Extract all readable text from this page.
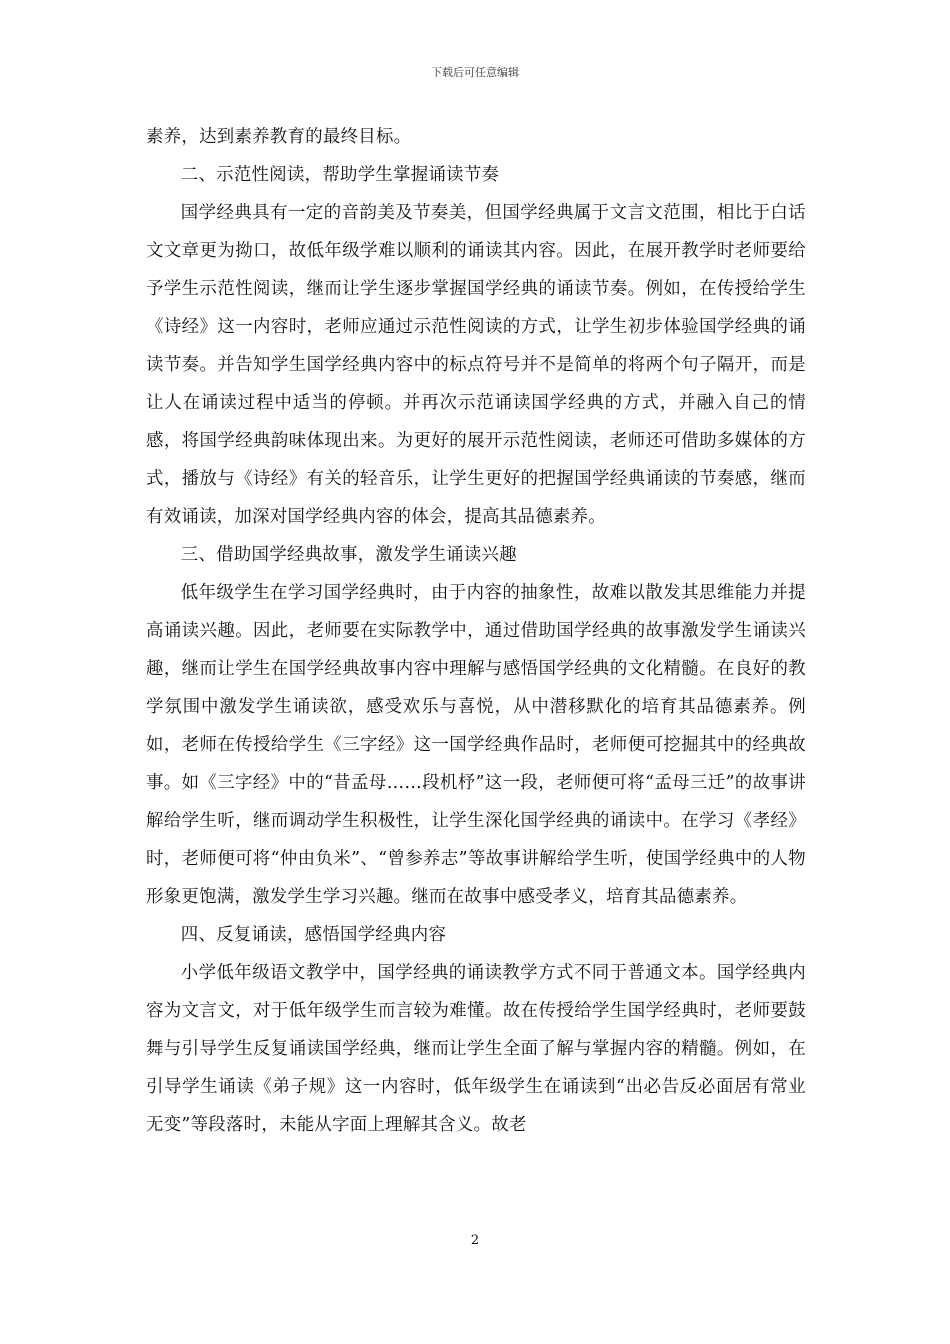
下载后可任意编辑

素养，达到素养教育的最终目标。

二、示范性阅读，帮助学生掌握诵读节奏

国学经典具有一定的音韵美及节奏美，但国学经典属于文言文范围，相比于白话文文章更为拗口，故低年级学难以顺利的诵读其内容。因此，在展开教学时老师要给予学生示范性阅读，继而让学生逐步掌握国学经典的诵读节奏。例如，在传授给学生《诗经》这一内容时，老师应通过示范性阅读的方式，让学生初步体验国学经典的诵读节奏。并告知学生国学经典内容中的标点符号并不是简单的将两个句子隔开，而是让人在诵读过程中适当的停顿。并再次示范诵读国学经典的方式，并融入自己的情感，将国学经典韵味体现出来。为更好的展开示范性阅读，老师还可借助多媒体的方式，播放与《诗经》有关的轻音乐，让学生更好的把握国学经典诵读的节奏感，继而有效诵读，加深对国学经典内容的体会，提高其品德素养。

三、借助国学经典故事，激发学生诵读兴趣

低年级学生在学习国学经典时，由于内容的抽象性，故难以散发其思维能力并提高诵读兴趣。因此，老师要在实际教学中，通过借助国学经典的故事激发学生诵读兴趣，继而让学生在国学经典故事内容中理解与感悟国学经典的文化精髓。在良好的教学氛围中激发学生诵读欲，感受欢乐与喜悦，从中潜移默化的培育其品德素养。例如，老师在传授给学生《三字经》这一国学经典作品时，老师便可挖掘其中的经典故事。如《三字经》中的“昔孟母……段机杼”这一段，老师便可将“孟母三迁”的故事讲解给学生听，继而调动学生积极性，让学生深化国学经典的诵读中。在学习《孝经》时，老师便可将“仲由负米”、“曾参养志”等故事讲解给学生听，使国学经典中的人物形象更饱满，激发学生学习兴趣。继而在故事中感受孝义，培育其品德素养。

四、反复诵读，感悟国学经典内容

小学低年级语文教学中，国学经典的诵读教学方式不同于普通文本。国学经典内容为文言文，对于低年级学生而言较为难懂。故在传授给学生国学经典时，老师要鼓舞与引导学生反复诵读国学经典，继而让学生全面了解与掌握内容的精髓。例如，在引导学生诵读《弟子规》这一内容时，低年级学生在诵读到“出必告反必面居有常业无变”等段落时，未能从字面上理解其含义。故老

2
